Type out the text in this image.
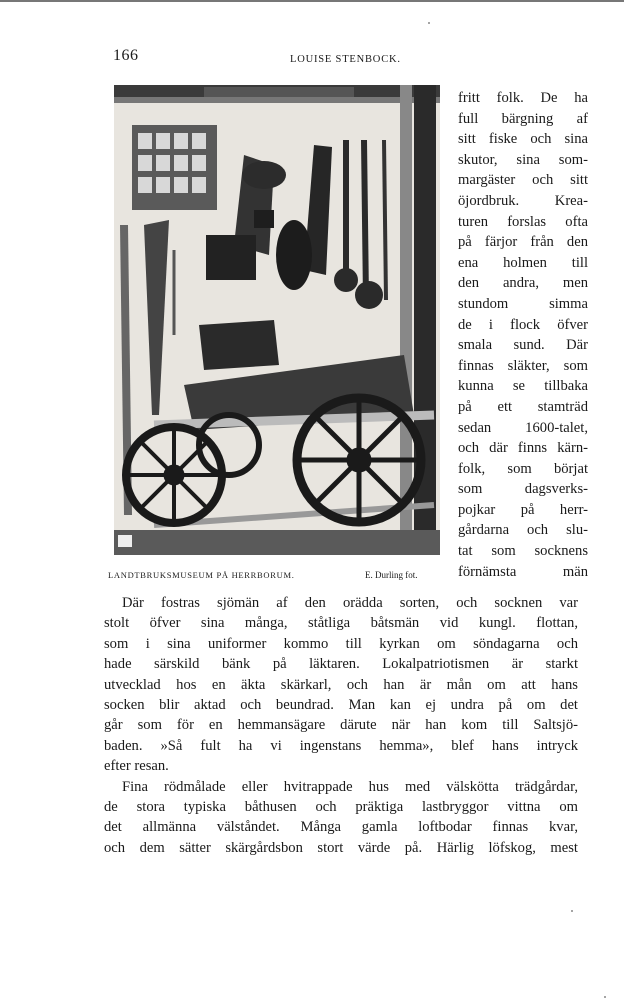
166	LOUISE STENBOCK.
LANDTBRUKSMUSEUM PÅ HERRBORUM.	E. Durling fot.
fritt folk. De ha
full bärgning af
sitt fiske och sina
skutor, sina som-
margäster och sitt
öjordbruk. Krea-
turen forslas ofta
på färjor från den
ena holmen till
den andra, men
stundom simma
de i flock öfver
smala sund. Där
finnas släkter, som
kunna se tillbaka
på ett stamträd
sedan 1600-talet,
och där finns kärn-
folk, som börjat
som dagsverks-
pojkar på herr-
gårdarna och slu-
tat som socknens
förnämsta män
Där fostras sjömän af den orädda sorten, och socknen var
stolt öfver sina många, ståtliga båtsmän vid kungl. flottan,
som i sina uniformer kommo till kyrkan om söndagarna och
hade särskild bänk på läktaren. Lokalpatriotismen är starkt
utvecklad hos en äkta skärkarl, och han är mån om att hans
socken blir aktad och beundrad. Man kan ej undra på om det
går som för en hemmansägare därute när han kom till Saltsjö-
baden. »Så fult ha vi ingenstans hemma», blef hans intryck
efter resan.
Fina rödmålade eller hvitrappade hus med välskötta trädgårdar,
de stora typiska båthusen och präktiga lastbryggor vittna om
det allmänna välståndet. Många gamla loftbodar finnas kvar,
och dem sätter skärgårdsbon stort värde på. Härlig löfskog, mest
